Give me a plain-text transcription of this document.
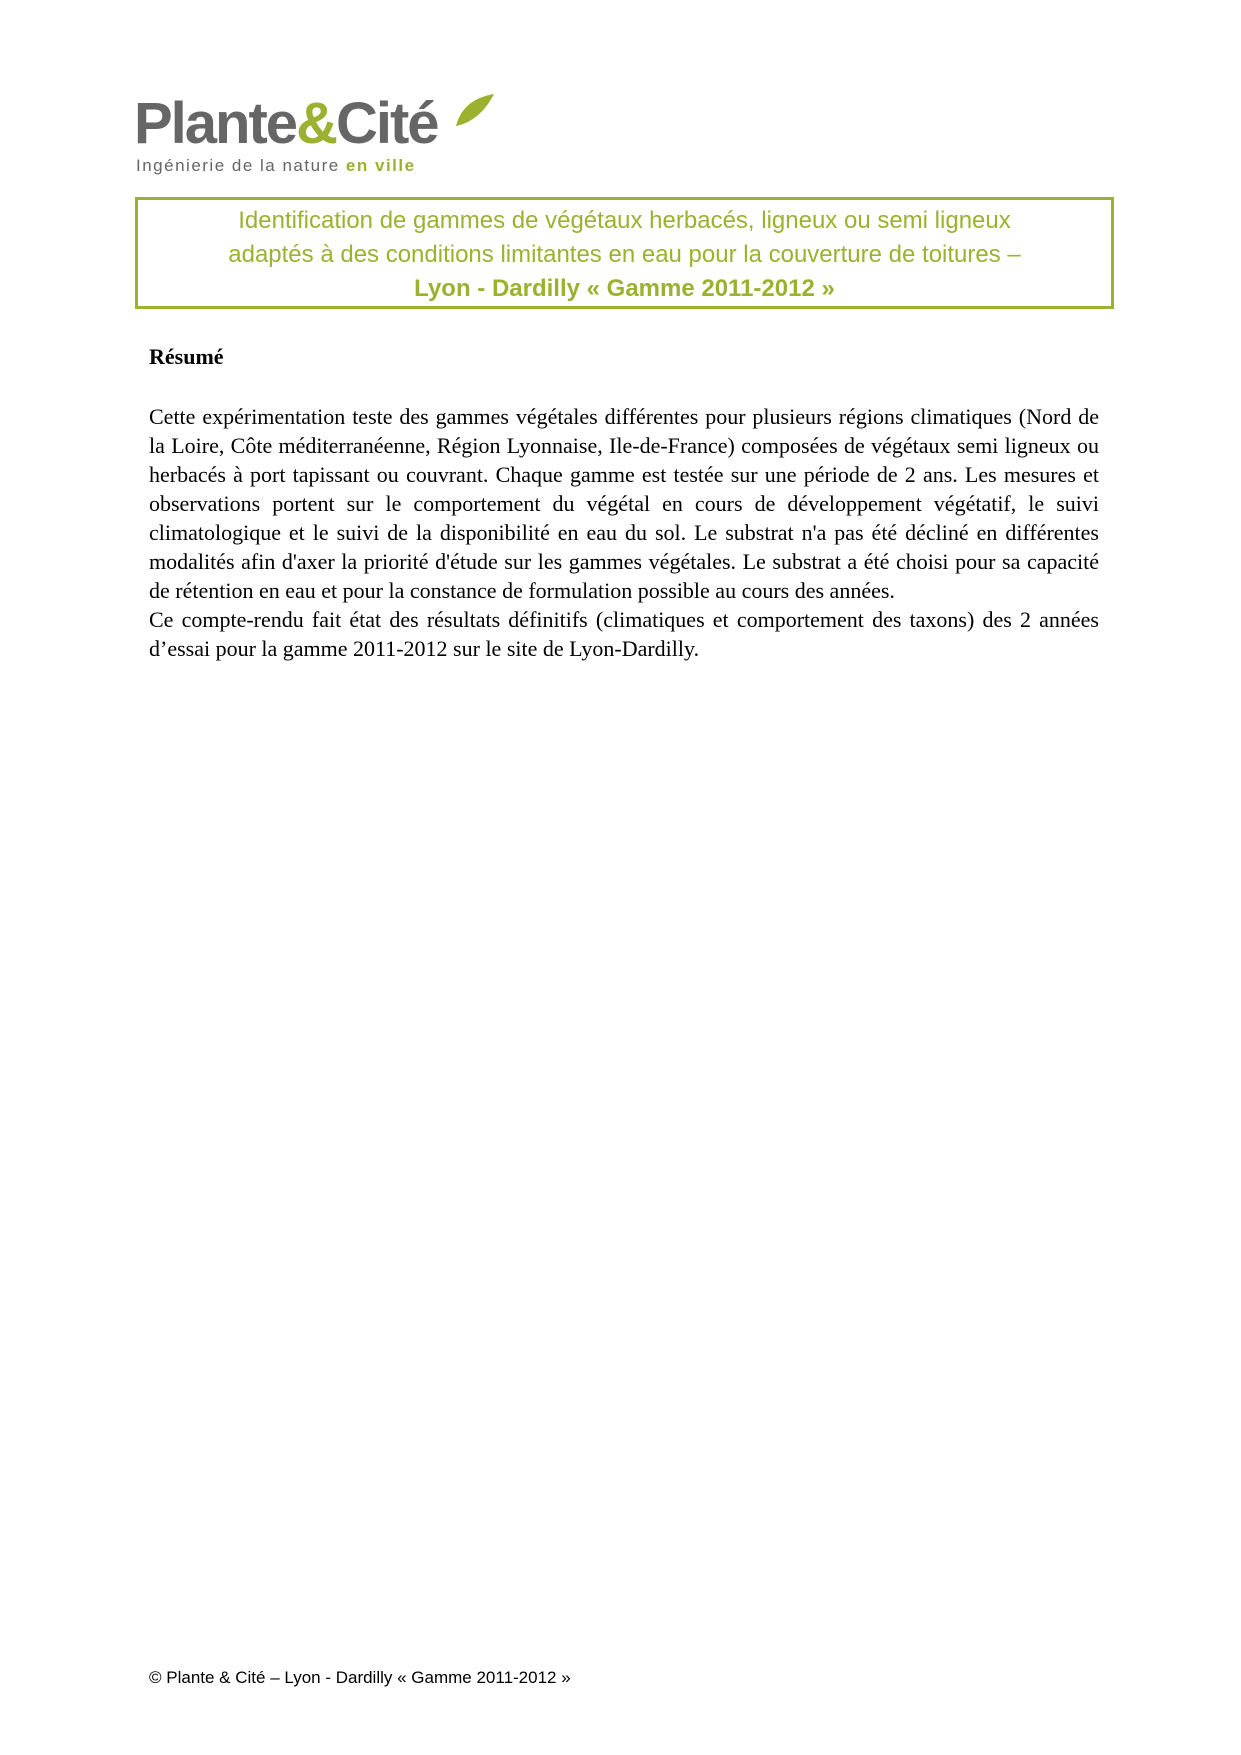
Plante&Cité
Ingénierie de la nature en ville
Identification de gammes de végétaux herbacés, ligneux ou semi ligneux
adaptés à des conditions limitantes en eau pour la couverture de toitures –
Lyon - Dardilly « Gamme 2011-2012 »
Résumé

Cette expérimentation teste des gammes végétales différentes pour plusieurs régions climatiques (Nord de la Loire, Côte méditerranéenne, Région Lyonnaise, Ile-de-France) composées de végétaux semi ligneux ou herbacés à port tapissant ou couvrant. Chaque gamme est testée sur une période de 2 ans. Les mesures et observations portent sur le comportement du végétal en cours de développement végétatif, le suivi climatologique et le suivi de la disponibilité en eau du sol. Le substrat n'a pas été décliné en différentes modalités afin d'axer la priorité d'étude sur les gammes végétales. Le substrat a été choisi pour sa capacité de rétention en eau et pour la constance de formulation possible au cours des années.

Ce compte-rendu fait état des résultats définitifs (climatiques et comportement des taxons) des 2 années d’essai pour la gamme 2011-2012 sur le site de Lyon-Dardilly.

© Plante & Cité – Lyon - Dardilly « Gamme 2011-2012 »
